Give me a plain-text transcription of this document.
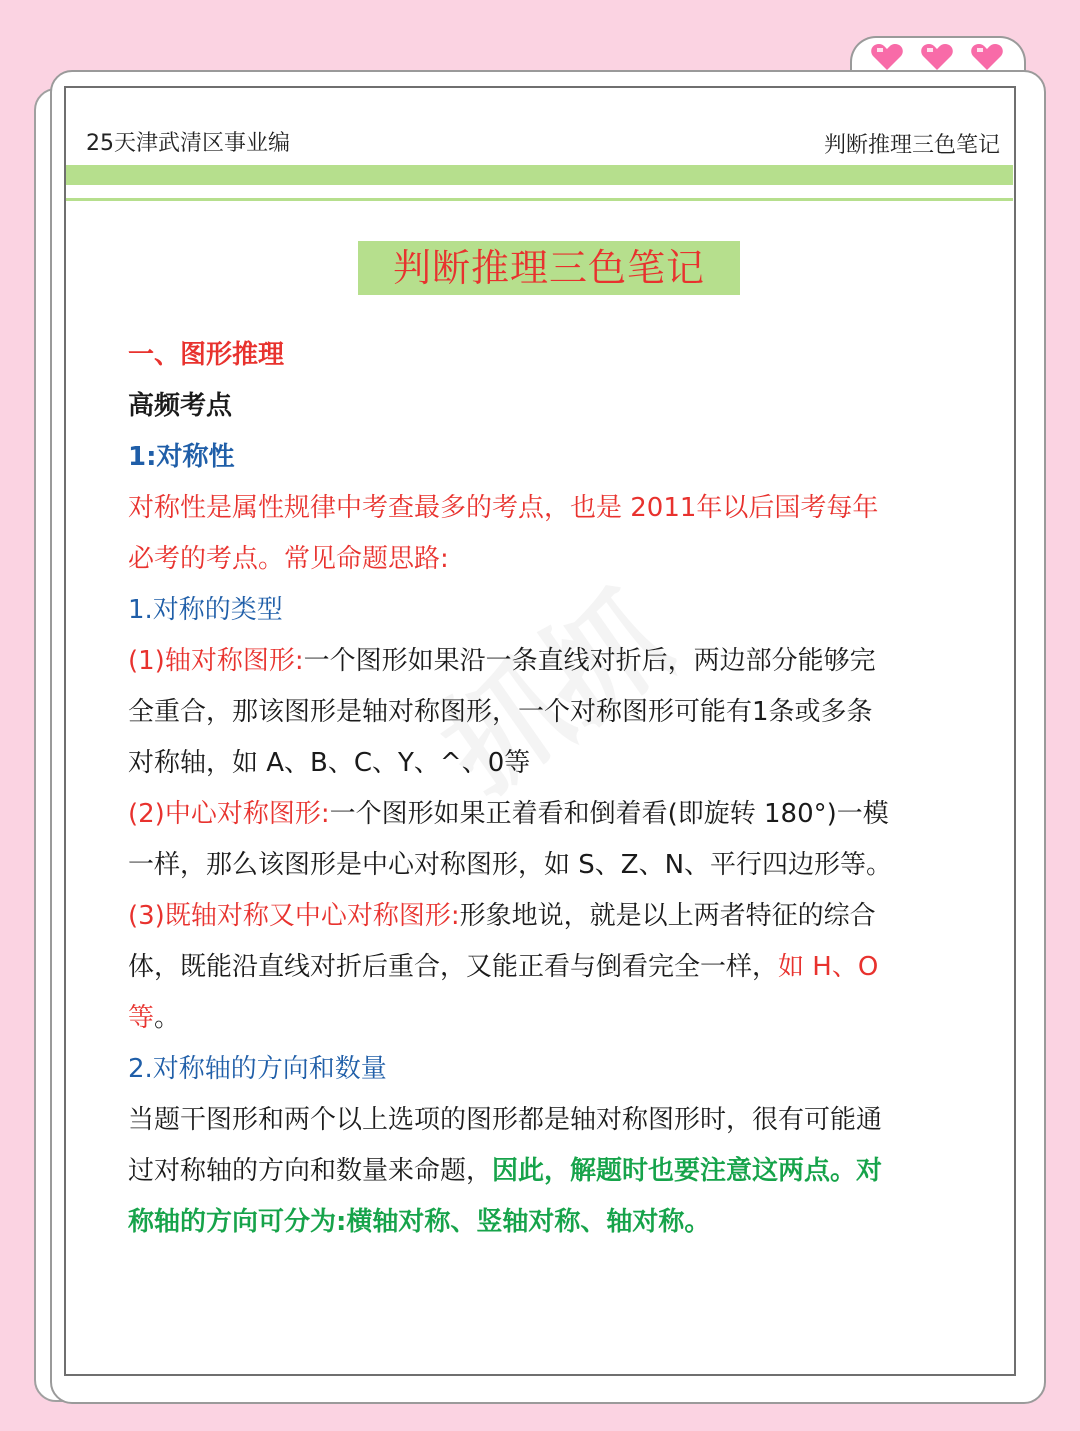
25天津武清区事业编	判断推理三色笔记
判断推理三色笔记
一、图形推理
高频考点
1:对称性
对称性是属性规律中考查最多的考点，也是 2011年以后国考每年
必考的考点。常见命题思路:
1.对称的类型
(1)轴对称图形:一个图形如果沿一条直线对折后，两边部分能够完
全重合，那该图形是轴对称图形，一个对称图形可能有1条或多条
对称轴，如 A、B、C、Y、^、0等
(2)中心对称图形:一个图形如果正着看和倒着看(即旋转 180°)一模
一样，那么该图形是中心对称图形，如 S、Z、N、平行四边形等。
(3)既轴对称又中心对称图形:形象地说，就是以上两者特征的综合
体，既能沿直线对折后重合，又能正看与倒看完全一样，如 H、O
等。
2.对称轴的方向和数量
当题干图形和两个以上选项的图形都是轴对称图形时，很有可能通
过对称轴的方向和数量来命题，因此，解题时也要注意这两点。对
称轴的方向可分为:横轴对称、竖轴对称、轴对称。
